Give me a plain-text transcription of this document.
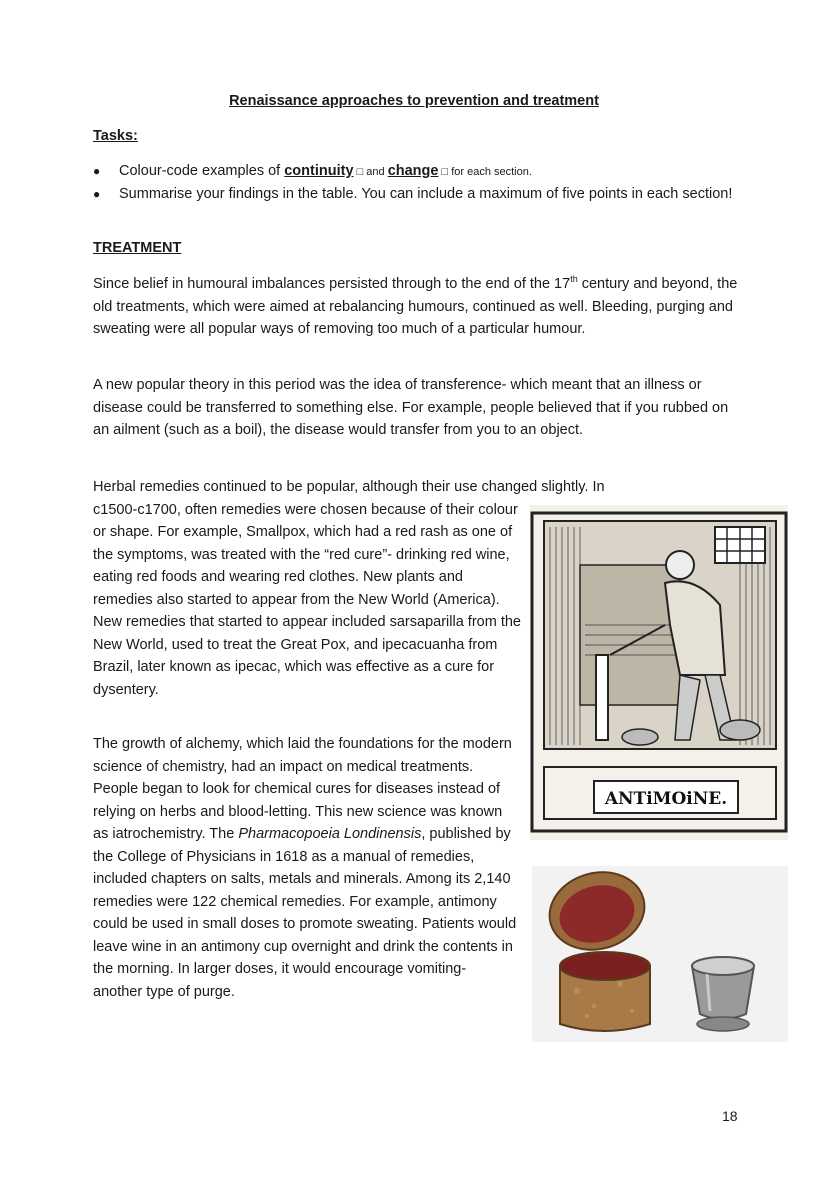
Renaissance approaches to prevention and treatment
Tasks:
● Colour-code examples of continuity □ and change □ for each section.
● Summarise your findings in the table. You can include a maximum of five points in each section!
TREATMENT

Since belief in humoural imbalances persisted through to the end of the 17th century and beyond, the old treatments, which were aimed at rebalancing humours, continued as well. Bleeding, purging and sweating were all popular ways of removing too much of a particular humour.

A new popular theory in this period was the idea of transference- which meant that an illness or disease could be transferred to something else. For example, people believed that if you rubbed on an ailment (such as a boil), the disease would transfer from you to an object.

Herbal remedies continued to be popular, although their use changed slightly. In
c1500-c1700, often remedies were chosen because of their colour or shape. For example, Smallpox, which had a red rash as one of the symptoms, was treated with the “red cure”- drinking red wine, eating red foods and wearing red clothes. New plants and remedies also started to appear from the New World (America). New remedies that started to appear included sarsaparilla from the New World, used to treat the Great Pox, and ipecacuanha from Brazil, later known as ipecac, which was effective as a cure for dysentery.

The growth of alchemy, which laid the foundations for the modern science of chemistry, had an impact on medical treatments. People began to look for chemical cures for diseases instead of relying on herbs and blood-letting. This new science was known as iatrochemistry. The Pharmacopoeia Londinensis, published by the College of Physicians in 1618 as a manual of remedies, included chapters on salts, metals and minerals. Among its 2,140 remedies were 122 chemical remedies. For example, antimony could be used in small doses to promote sweating. Patients would leave wine in an antimony cup overnight and drink the contents in the morning. In larger doses, it would encourage vomiting- another type of purge.

ANTiMOiNE.
18
